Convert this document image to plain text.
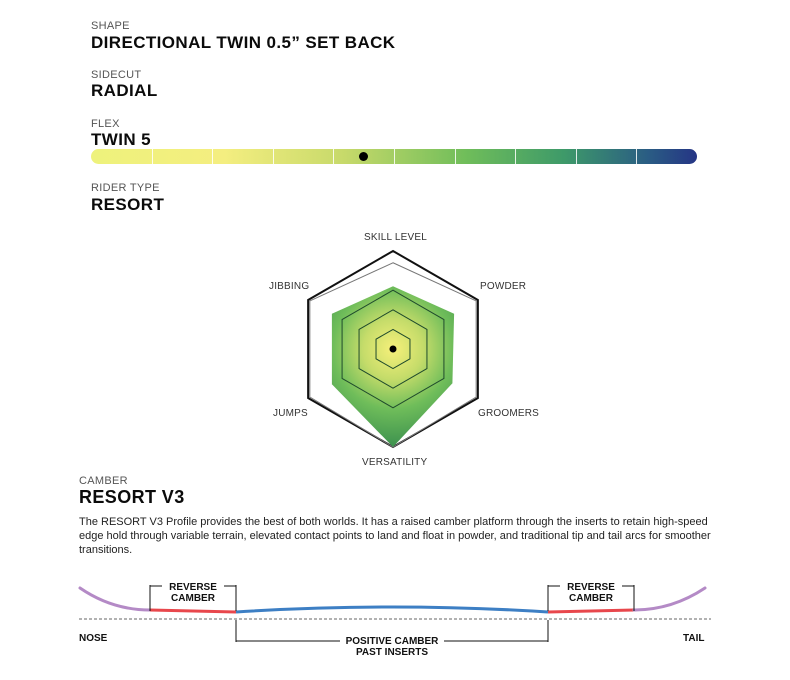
SHAPE
DIRECTIONAL TWIN 0.5” SET BACK
SIDECUT
RADIAL
FLEX
TWIN 5
RIDER TYPE
RESORT
SKILL LEVEL
POWDER
GROOMERS
VERSATILITY
JUMPS
JIBBING
CAMBER
RESORT V3
The RESORT V3 Profile provides the best of both worlds. It has a raised camber platform through the inserts to retain high-speed edge hold through variable terrain, elevated contact points to land and float in powder, and traditional tip and tail arcs for smoother transitions.
REVERSE
CAMBER
REVERSE
CAMBER
POSITIVE CAMBER
PAST INSERTS
NOSE	TAIL
